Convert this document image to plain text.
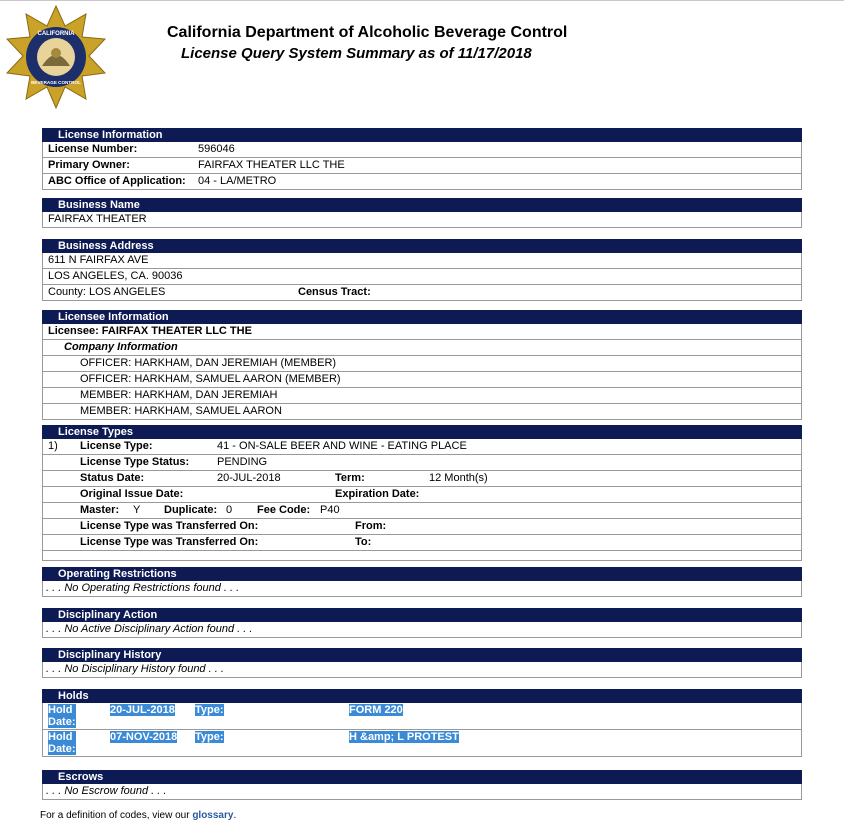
CALIFORNIA
BEVERAGE CONTROL
California Department of Alcoholic Beverage Control
License Query System Summary as of 11/17/2018
License Information
License Number:	596046
Primary Owner:	FAIRFAX THEATER LLC THE
ABC Office of Application: 04 - LA/METRO
Business Name
FAIRFAX THEATER
Business Address
611 N FAIRFAX AVE
LOS ANGELES, CA. 90036
County: LOS ANGELES	Census Tract:
Licensee Information
Licensee: FAIRFAX THEATER LLC THE
Company Information
OFFICER: HARKHAM, DAN JEREMIAH (MEMBER)
OFFICER: HARKHAM, SAMUEL AARON (MEMBER)
MEMBER: HARKHAM, DAN JEREMIAH
MEMBER: HARKHAM, SAMUEL AARON
License Types
1) License Type:	41 - ON-SALE BEER AND WINE - EATING PLACE
License Type Status:	PENDING
Status Date:	20-JUL-2018	Term:	12 Month(s)
Original Issue Date:	Expiration Date:
Master: Y Duplicate: 0 Fee Code: P40
License Type was Transferred On:	From:
License Type was Transferred On:	To:
Operating Restrictions
. . . No Operating Restrictions found . . .
Disciplinary Action
. . . No Active Disciplinary Action found . . .
Disciplinary History
. . . No Disciplinary History found . . .
Holds
Hold
Date:
20-JUL-2018 Type:	FORM 220
Hold
Date:
07-NOV-2018 Type:	H &amp; L PROTEST
Escrows
. . . No Escrow found . . .
For a definition of codes, view our glossary.
